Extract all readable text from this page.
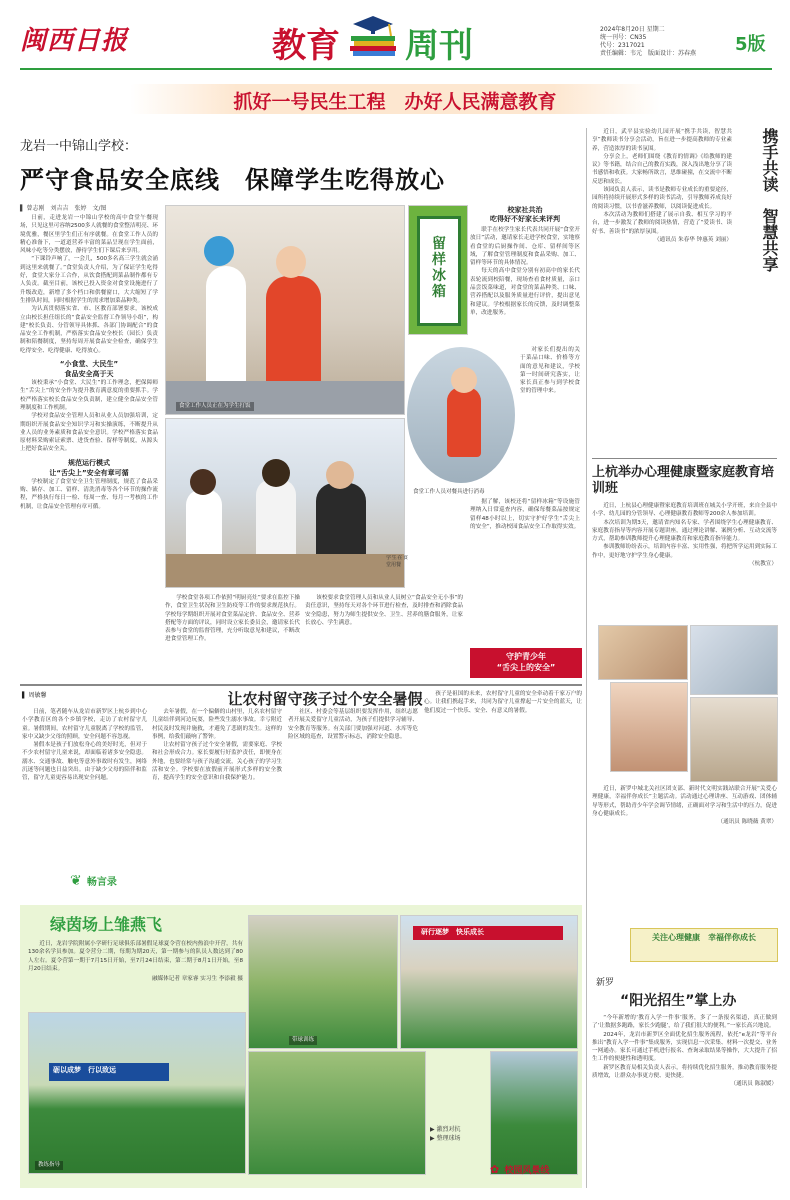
闽西日报	教育 周刊	2024年8月20日 星期二
统一刊号：CN35
代号：2317021
责任编辑：韦元　版面设计：苏春燕	5版
抓好一号民生工程　办好人民满意教育
龙岩一中锦山学校：
严守食品安全底线　保障学生吃得放心
▌ 曾志刚　刘吉吉　张婷　文/图

日前，走进龙岩一中锦山学校的高中食堂午餐现场，只见这里可容纳2500多人就餐的食堂整洁明亮、环境优雅，餐区里学生们正有序就餐。在食堂工作人员的精心准备下，一道道营养丰富的菜品呈现在学生面前，风味小吃等分类摆放，静待学生们下课后来享用。

“下课铃声响了，一会儿，500多名高三学生就会涌到这里来就餐了。”食堂负责人介绍，为了保证学生吃得好，食堂大家分工合作，从饮食搭配到菜品制作都有专人负责。截至目前，该校已投入资金对食堂设施进行了升级改造，新增了多个档口和供餐窗口，大大缩短了学生排队时间，同时根据学生的需求增加菜品种类。

为认真贯彻落实省、市、区教育部署要求，该校成立由校长担任组长的“食品安全监督工作领导小组”，构建“校长负责、分管领导具体抓、各部门协调配合”的食品安全工作机制，严格落实食品安全校长（园长）负责制和陪餐制度，坚持每周开展食品安全检查，确保学生吃得安全、吃得健康、吃得放心。

“小食堂、大民生”
食品安全高于天

该校秉承“小食堂、大民生”的工作理念，把保障师生“舌尖上”的安全作为提升教育满意度的重要抓手。学校严格落实校长食品安全负责制，建立健全食品安全管理制度和工作机制。

学校对食品安全管理人员和从业人员加强培训，定期组织开展食品安全知识学习和实操演练，不断提升从业人员的业务素质和食品安全意识。学校严格落实食品原材料采购索证索票、进货查验、留样等制度，从源头上把好食品安全关。

规范运行模式
让“舌尖上”安全有章可循

学校制定了食堂安全卫生管理制度，规范了食品采购、储存、加工、留样、清洗消毒等各个环节的操作流程，严格执行每日一检、每周一查、每月一考核的工作机制，让食品安全管理有章可循。

食堂工作人员正在为学生打饭
留
样
冰
箱
食堂工作人员对餐具进行消毒
学生在食堂用餐
校家社共治
吃得好不好家长来评判

联手在校学生家长代表共同开展“食堂开放日”活动，邀请家长走进学校食堂，实地察看食堂的后厨操作间、仓库、留样间等区域，了解食堂管理制度和食品采购、加工、留样等环节的具体情况。

每天的高中食堂分别有初高中的家长代表轮流到校陪餐，现场查看食材质量，亲口品尝饭菜味道，对食堂的菜品种类、口味、营养搭配以及服务质量进行评价，提出意见和建议。学校根据家长的反馈，及时调整菜单，改进服务。

对家长们提出的关于菜品口味、价格等方面的意见和建议，学校第一时间研究落实，让家长真正参与到学校食堂的管理中来。

据了解，该校还将“留样冰箱”等设施管理纳入日常巡查内容，确保每餐菜品按规定留样48小时以上，切实守护好学生“舌尖上的安全”，推动校园食品安全工作取得实效。

学校食堂各项工作依照“明厨亮灶”要求在监控下操作，食堂卫生状况和卫生防疫等工作的要求规范执行。学校每学期组织开展对食堂菜品定价、食品安全、营养搭配等方面的评议，同时设立家长委员会，邀请家长代表参与食堂的监督管理，充分听取意见和建议，不断改进食堂管理工作。

该校要求食堂管理人员和从业人员树立“食品安全无小事”的责任意识，坚持每天对各个环节进行检查，及时排查和消除食品安全隐患，努力为师生提供安全、卫生、营养的膳食服务，让家长放心、学生满意。

守护青少年
“舌尖上的安全”

近日，武平县实验幼儿园开展“携手共读，智慧共享”教师读书分享会活动，旨在进一步提高教师的专业素养，营造浓厚的读书氛围。

分享会上，老师们围绕《教育的情调》《给教师的建议》等书籍，结合自己的教育实践，深入浅出地分享了读书感悟和收获。大家畅所欲言，思维碰撞，在交流中不断反思和成长。

该园负责人表示，读书是教师专业成长的重要途径，园所将持续开展形式多样的读书活动，引导教师养成良好的阅读习惯，以书香滋养教师，以阅读促进成长。

本次活动为教师们搭建了展示自我、相互学习的平台，进一步激发了教师的阅读热情，营造了“爱读书、读好书、善读书”的浓厚氛围。

（通讯员 朱春华 钟惠英 刘丽）	携手共读　智慧共享
上杭举办心理健康暨家庭教育培训班

近日，上杭县心理健康暨家庭教育培训班在城关小学开班，来自全县中小学、幼儿园的分管领导、心理健康教育教师等200余人参加培训。

本次培训为期3天，邀请省内知名专家、学者围绕学生心理健康教育、家庭教育指导等内容开展专题讲座，通过理论讲解、案例分析、互动交流等方式，帮助参训教师提升心理健康教育和家庭教育指导能力。

参训教师纷纷表示，培训内容丰富、实用性强，将把所学运用到实际工作中，更好地守护学生身心健康。

（杭教宣）

近日，新罗中城北关社区团支部、新时代文明实践站联合开展“关爱心理健康，幸福伴你成长”主题活动。活动通过心理讲座、互动游戏、团体辅导等形式，帮助青少年学会调节情绪，正确面对学习和生活中的压力，促进身心健康成长。

（通讯员 陈晓薇 黄翠）

关注心理健康　幸福伴你成长
新罗
“阳光招生”掌上办

“今年新增的‘教育入学一件事’服务，多了一条报名渠道，真正做到了‘让数据多跑路，家长少跑腿’，给了我们很大的便利。”一家长高兴地说。

2024年，龙岩市新罗区全面优化招生服务流程，依托“e龙岩”等平台推出“教育入学一件事”集成服务，实现信息一次采集、材料一次提交、业务一网通办。家长可通过手机进行报名、查询录取结果等操作，大大提升了招生工作的便捷性和透明度。

新罗区教育局相关负责人表示，将持续优化招生服务，推动教育服务提质增效，让群众办事更方便、更快捷。

（通讯员 陈淑媛）

▌ 周敏馨	让农村留守孩子过个安全暑假

日前，笔者随车从龙岩市新罗区上杭乡到中心小学教育区的各个乡镇学校，走访了农村留守儿童。暑假期间，农村留守儿童脱离了学校的监管，家中又缺少父母的照顾，安全问题不容忽视。

暑假本是孩子们放松身心的美好时光，但对于不少农村留守儿童来说，却面临着诸多安全隐患。溺水、交通事故、触电等意外事故时有发生，网络沉迷等问题也日益突出。由于缺少父母的陪伴和监管，留守儿童更容易出现安全问题。

去年暑假，在一个偏僻的山村里，几名农村留守儿童结伴到河边玩耍，险些发生溺水事故。幸亏附近村民及时发现并施救，才避免了悲剧的发生。这样的事例，给我们敲响了警钟。

让农村留守孩子过个安全暑假，需要家庭、学校和社会形成合力。家长要履行好监护责任，即便身在外地，也要经常与孩子沟通交流，关心孩子的学习生活和安全。学校要在放假前开展形式多样的安全教育，提高学生的安全意识和自我保护能力。

社区、村委会等基层组织要发挥作用，组织志愿者开展关爱留守儿童活动，为孩子们提供学习辅导、安全教育等服务。有关部门要加强对河道、水库等危险区域的巡查，设置警示标志，消除安全隐患。

孩子是祖国的未来，农村留守儿童的安全牵动着千家万户的心。让我们携起手来，共同为留守儿童撑起一片安全的蓝天，让他们度过一个快乐、安全、有意义的暑假。

❦ 畅言录
绿茵场上雏燕飞

近日，龙岩学院附属小学研行足球俱乐部暑假足球夏令营在校内热浪中开营，共有130余名学员参加。夏令营分二期，每期为期20天，第一期参与的队员人数达到了80人左右。夏令营第一期于7月15日开始，至7月24日结束，第二期于8月1日开始，至8月20日结束。

融媒体记者 章家睿 实习生 李添毅 摄

砺以成梦　行以致远
教练指导
带球训练
研行逐梦　快乐成长
▶ 激烈对抗
▶ 整理球场
✿ 校园风景线
